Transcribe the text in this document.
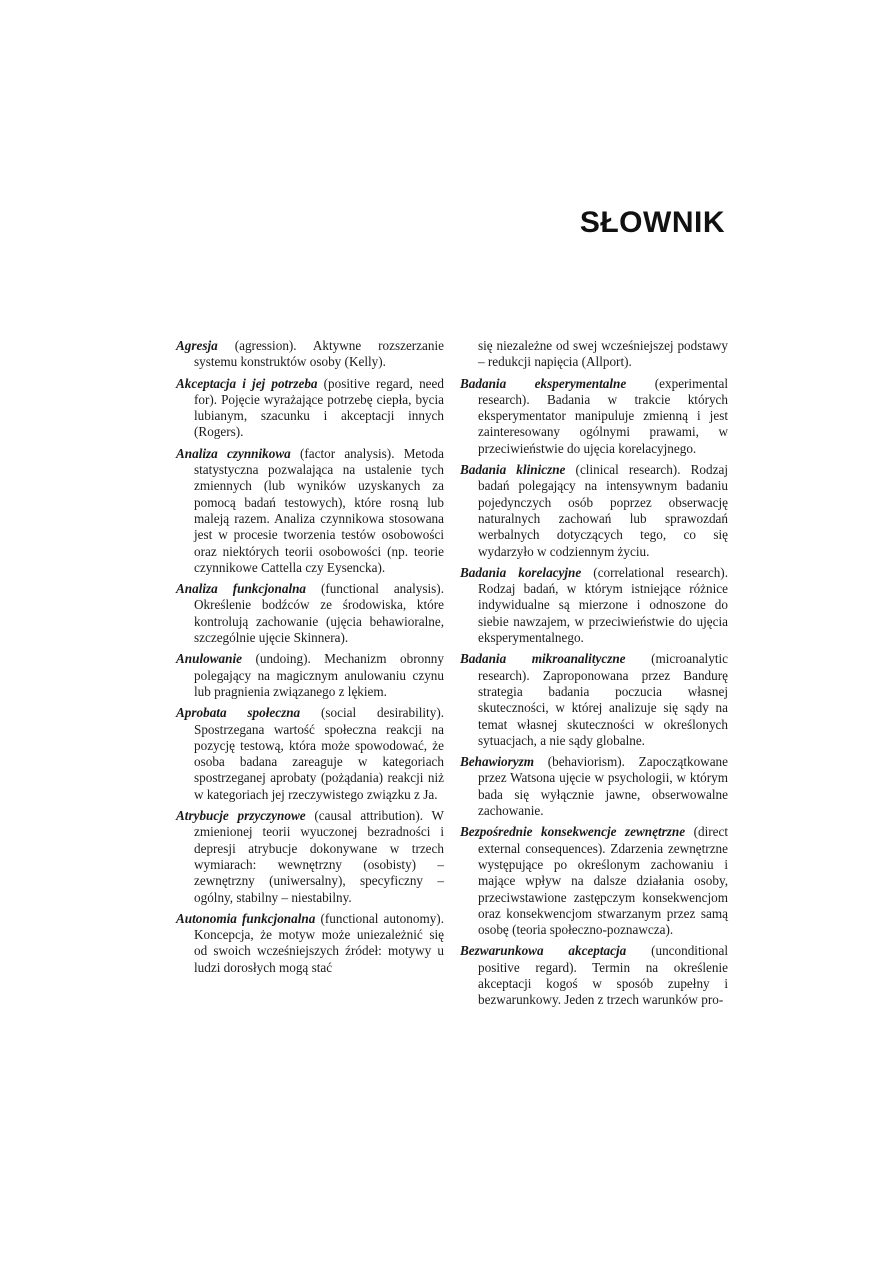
SŁOWNIK

Agresja (agression). Aktywne rozszerzanie systemu konstruktów osoby (Kelly).

Akceptacja i jej potrzeba (positive regard, need for). Pojęcie wyrażające potrzebę ciepła, bycia lubianym, szacunku i akceptacji innych (Rogers).

Analiza czynnikowa (factor analysis). Metoda statystyczna pozwalająca na ustalenie tych zmiennych (lub wyników uzyskanych za pomocą badań testowych), które rosną lub maleją razem. Analiza czynnikowa stosowana jest w procesie tworzenia testów osobowości oraz niektórych teorii osobowości (np. teorie czynnikowe Cattella czy Eysencka).

Analiza funkcjonalna (functional analysis). Określenie bodźców ze środowiska, które kontrolują zachowanie (ujęcia behawioralne, szczególnie ujęcie Skinnera).

Anulowanie (undoing). Mechanizm obronny polegający na magicznym anulowaniu czynu lub pragnienia związanego z lękiem.

Aprobata społeczna (social desirability). Spostrzegana wartość społeczna reakcji na pozycję testową, która może spowodować, że osoba badana zareaguje w kategoriach spostrzeganej aprobaty (pożądania) reakcji niż w kategoriach jej rzeczywistego związku z Ja.

Atrybucje przyczynowe (causal attribution). W zmienionej teorii wyuczonej bezradności i depresji atrybucje dokonywane w trzech wymiarach: wewnętrzny (osobisty) – zewnętrzny (uniwersalny), specyficzny – ogólny, stabilny – niestabilny.

Autonomia funkcjonalna (functional autonomy). Koncepcja, że motyw może uniezależnić się od swoich wcześniejszych źródeł: motywy u ludzi dorosłych mogą stać

się niezależne od swej wcześniejszej podstawy – redukcji napięcia (Allport).

Badania eksperymentalne (experimental research). Badania w trakcie których eksperymentator manipuluje zmienną i jest zainteresowany ogólnymi prawami, w przeciwieństwie do ujęcia korelacyjnego.

Badania kliniczne (clinical research). Rodzaj badań polegający na intensywnym badaniu pojedynczych osób poprzez obserwację naturalnych zachowań lub sprawozdań werbalnych dotyczących tego, co się wydarzyło w codziennym życiu.

Badania korelacyjne (correlational research). Rodzaj badań, w którym istniejące różnice indywidualne są mierzone i odnoszone do siebie nawzajem, w przeciwieństwie do ujęcia eksperymentalnego.

Badania mikroanalityczne (microanalytic research). Zaproponowana przez Bandurę strategia badania poczucia własnej skuteczności, w której analizuje się sądy na temat własnej skuteczności w określonych sytuacjach, a nie sądy globalne.

Behawioryzm (behaviorism). Zapoczątkowane przez Watsona ujęcie w psychologii, w którym bada się wyłącznie jawne, obserwowalne zachowanie.

Bezpośrednie konsekwencje zewnętrzne (direct external consequences). Zdarzenia zewnętrzne występujące po określonym zachowaniu i mające wpływ na dalsze działania osoby, przeciwstawione zastępczym konsekwencjom oraz konsekwencjom stwarzanym przez samą osobę (teoria społeczno-poznawcza).

Bezwarunkowa akceptacja (unconditional positive regard). Termin na określenie akceptacji kogoś w sposób zupełny i bezwarunkowy. Jeden z trzech warunków pro-
